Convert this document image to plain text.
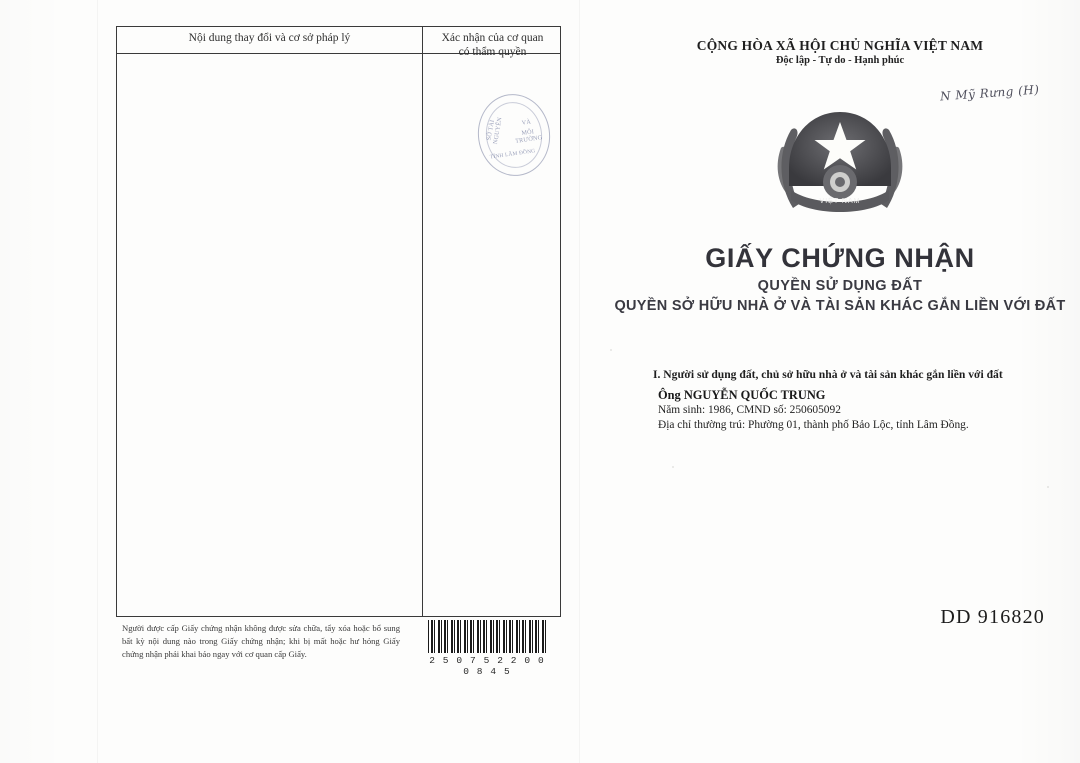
Nội dung thay đổi và cơ sở pháp lý	Xác nhận của cơ quan
có thẩm quyền
SỞ TÀI NGUYÊN	VÀ
MÔI TRƯỜNG
TỈNH LÂM ĐỒNG
Người được cấp Giấy chứng nhận không được sửa chữa, tẩy xóa hoặc bổ sung bất kỳ nội dung nào trong Giấy chứng nhận; khi bị mất hoặc hư hỏng Giấy chứng nhận phải khai báo ngay với cơ quan cấp Giấy.
2 5 0 7 5 2 2 0 0 0 8 4 5
CỘNG HÒA XÃ HỘI CHỦ NGHĨA VIỆT NAM
Độc lập - Tự do - Hạnh phúc
N Mỹ Rưng (H)
VIỆT NAM
GIẤY CHỨNG NHẬN
QUYỀN SỬ DỤNG ĐẤT
QUYỀN SỞ HỮU NHÀ Ở VÀ TÀI SẢN KHÁC GẮN LIỀN VỚI ĐẤT
I. Người sử dụng đất, chủ sở hữu nhà ở và tài sản khác gắn liền với đất
Ông NGUYỄN QUỐC TRUNG
Năm sinh: 1986, CMND số: 250605092
Địa chỉ thường trú: Phường 01, thành phố Bảo Lộc, tỉnh Lâm Đồng.
DD 916820
